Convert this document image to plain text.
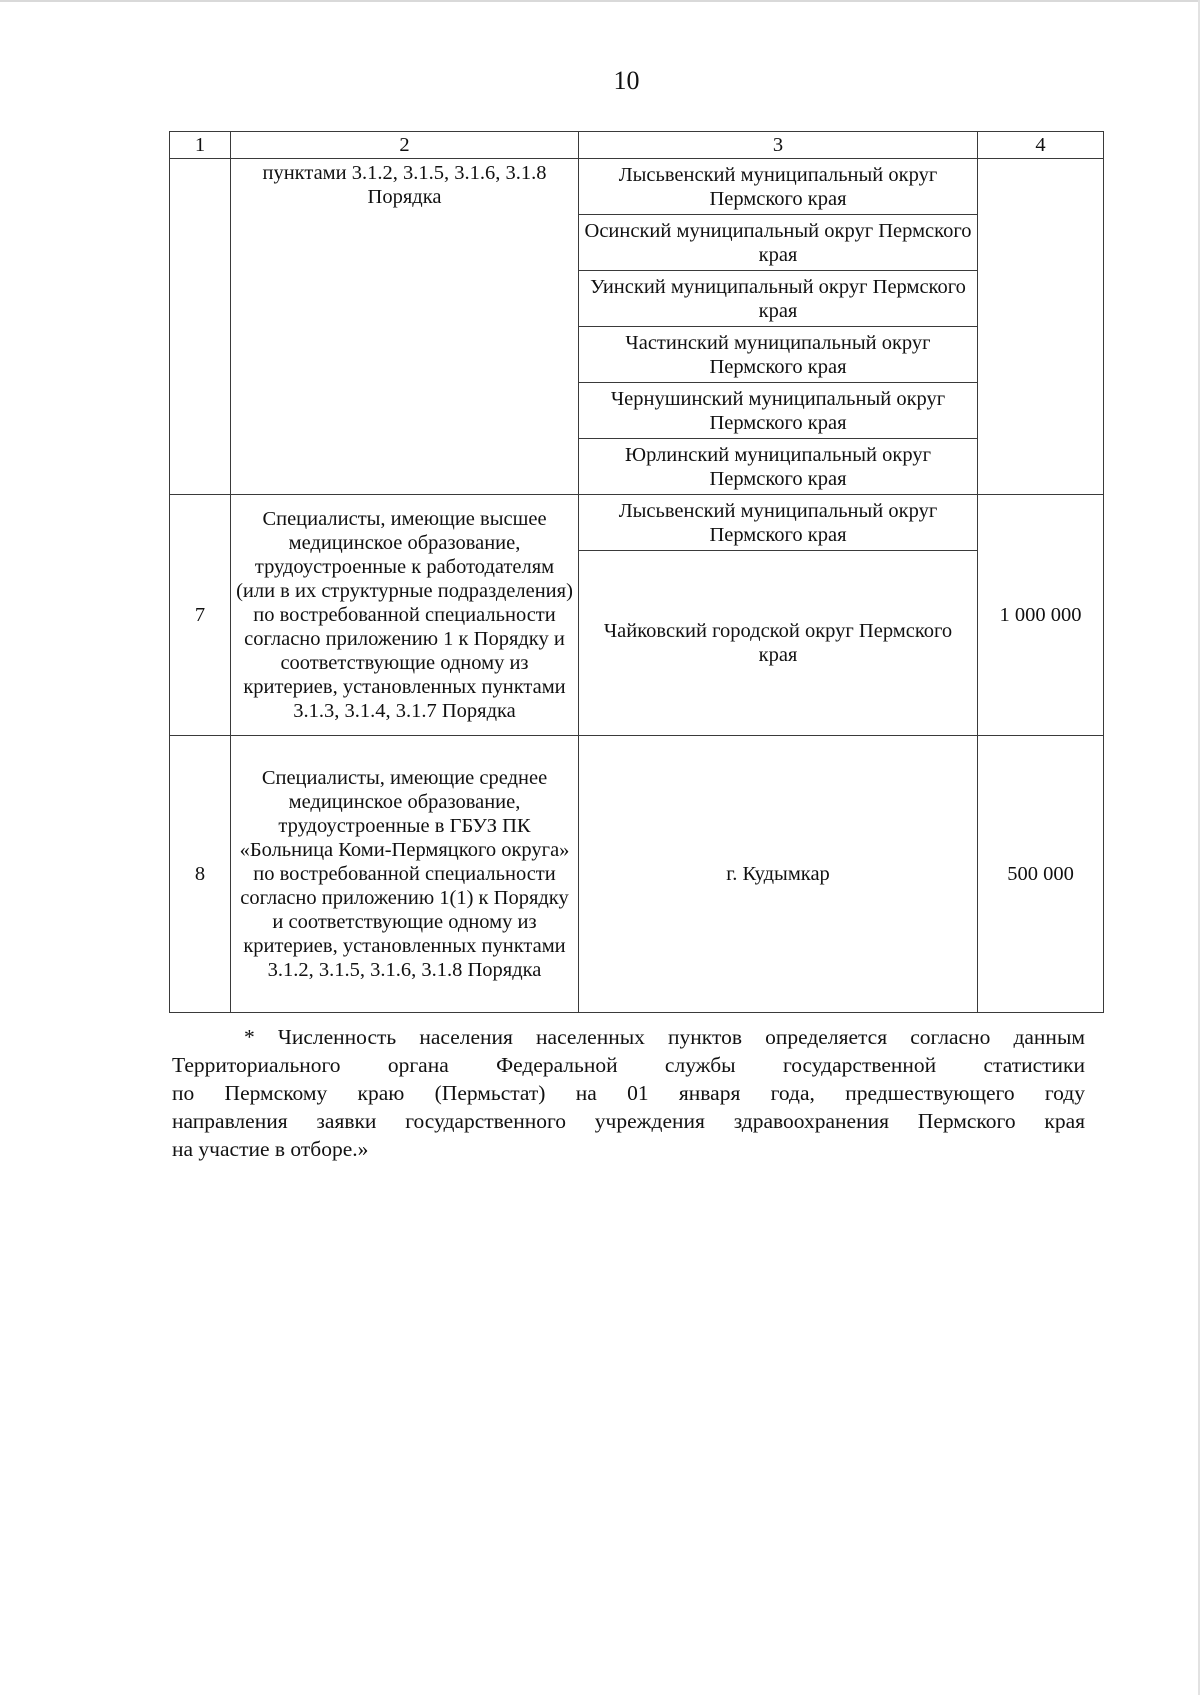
10
1	2	3	4
	пунктами 3.1.2, 3.1.5, 3.1.6, 3.1.8 Порядка	Лысьвенский муниципальный округ Пермского края	
		Осинский муниципальный округ Пермского края	
		Уинский муниципальный округ Пермского края	
		Частинский муниципальный округ Пермского края	
		Чернушинский муниципальный округ Пермского края	
		Юрлинский муниципальный округ Пермского края	
7	Специалисты, имеющие высшее медицинское образование, трудоустроенные к работодателям (или в их структурные подразделения) по востребованной специальности согласно приложению 1 к Порядку и соответствующие одному из критериев, установленных пунктами 3.1.3, 3.1.4, 3.1.7 Порядка	Лысьвенский муниципальный округ Пермского края	1 000 000
		Чайковский городской округ Пермского края	
8	Специалисты, имеющие среднее медицинское образование, трудоустроенные в ГБУЗ ПК «Больница Коми-Пермяцкого округа» по востребованной специальности согласно приложению 1(1) к Порядку и соответствующие одному из критериев, установленных пунктами 3.1.2, 3.1.5, 3.1.6, 3.1.8 Порядка	г. Кудымкар	500 000

* Численность населения населенных пунктов определяется согласно данным

Территориального органа Федеральной службы государственной статистики

по Пермскому краю (Пермьстат) на 01 января года, предшествующего году

направления заявки государственного учреждения здравоохранения Пермского края

на участие в отборе.»
